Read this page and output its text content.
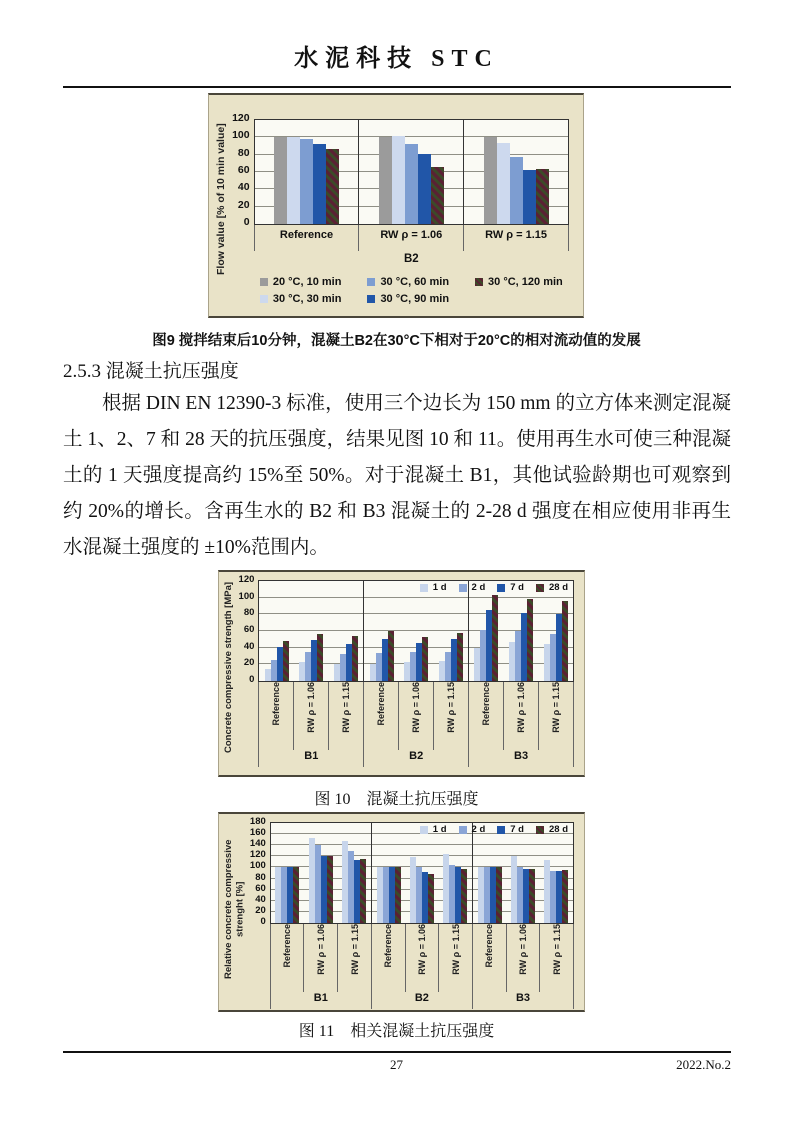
水泥科技 STC
Flow value [% of 10 min value] 0
20
40
60
80
100
120
Reference	RW ρ = 1.06	RW ρ = 1.15
B2
20 °C, 10 min
30 °C, 30 min
30 °C, 60 min
30 °C, 90 min
30 °C, 120 min
图9 搅拌结束后10分钟，混凝土B2在30°C下相对于20°C的相对流动值的发展
2.5.3 混凝土抗压强度
根据 DIN EN 12390-3 标准，使用三个边长为 150 mm 的立方体来测定混凝土 1、2、7 和 28 天的抗压强度，结果见图 10 和 11。使用再生水可使三种混凝土的 1 天强度提高约 15%至 50%。对于混凝土 B1，其他试验龄期也可观察到约 20%的增长。含再生水的 B2 和 B3 混凝土的 2-28 d 强度在相应使用非再生水混凝土强度的 ±10%范围内。
Concrete compressive strength [MPa] 0
20
40
60
80
100
120
1 d	2 d	7 d	28 d
Reference	RW ρ = 1.06	RW ρ = 1.15	Reference	RW ρ = 1.06	RW ρ = 1.15	Reference	RW ρ = 1.06	RW ρ = 1.15
B1	B2	B3
图 10　混凝土抗压强度
Relative concrete compressive strenght [%] 0
20
40
60
80
100
120
140
160
180
1 d	2 d	7 d	28 d
Reference	RW ρ = 1.06	RW ρ = 1.15	Reference	RW ρ = 1.06	RW ρ = 1.15	Reference	RW ρ = 1.06	RW ρ = 1.15
B1	B2	B3
图 11　相关混凝土抗压强度
27	2022.No.2
